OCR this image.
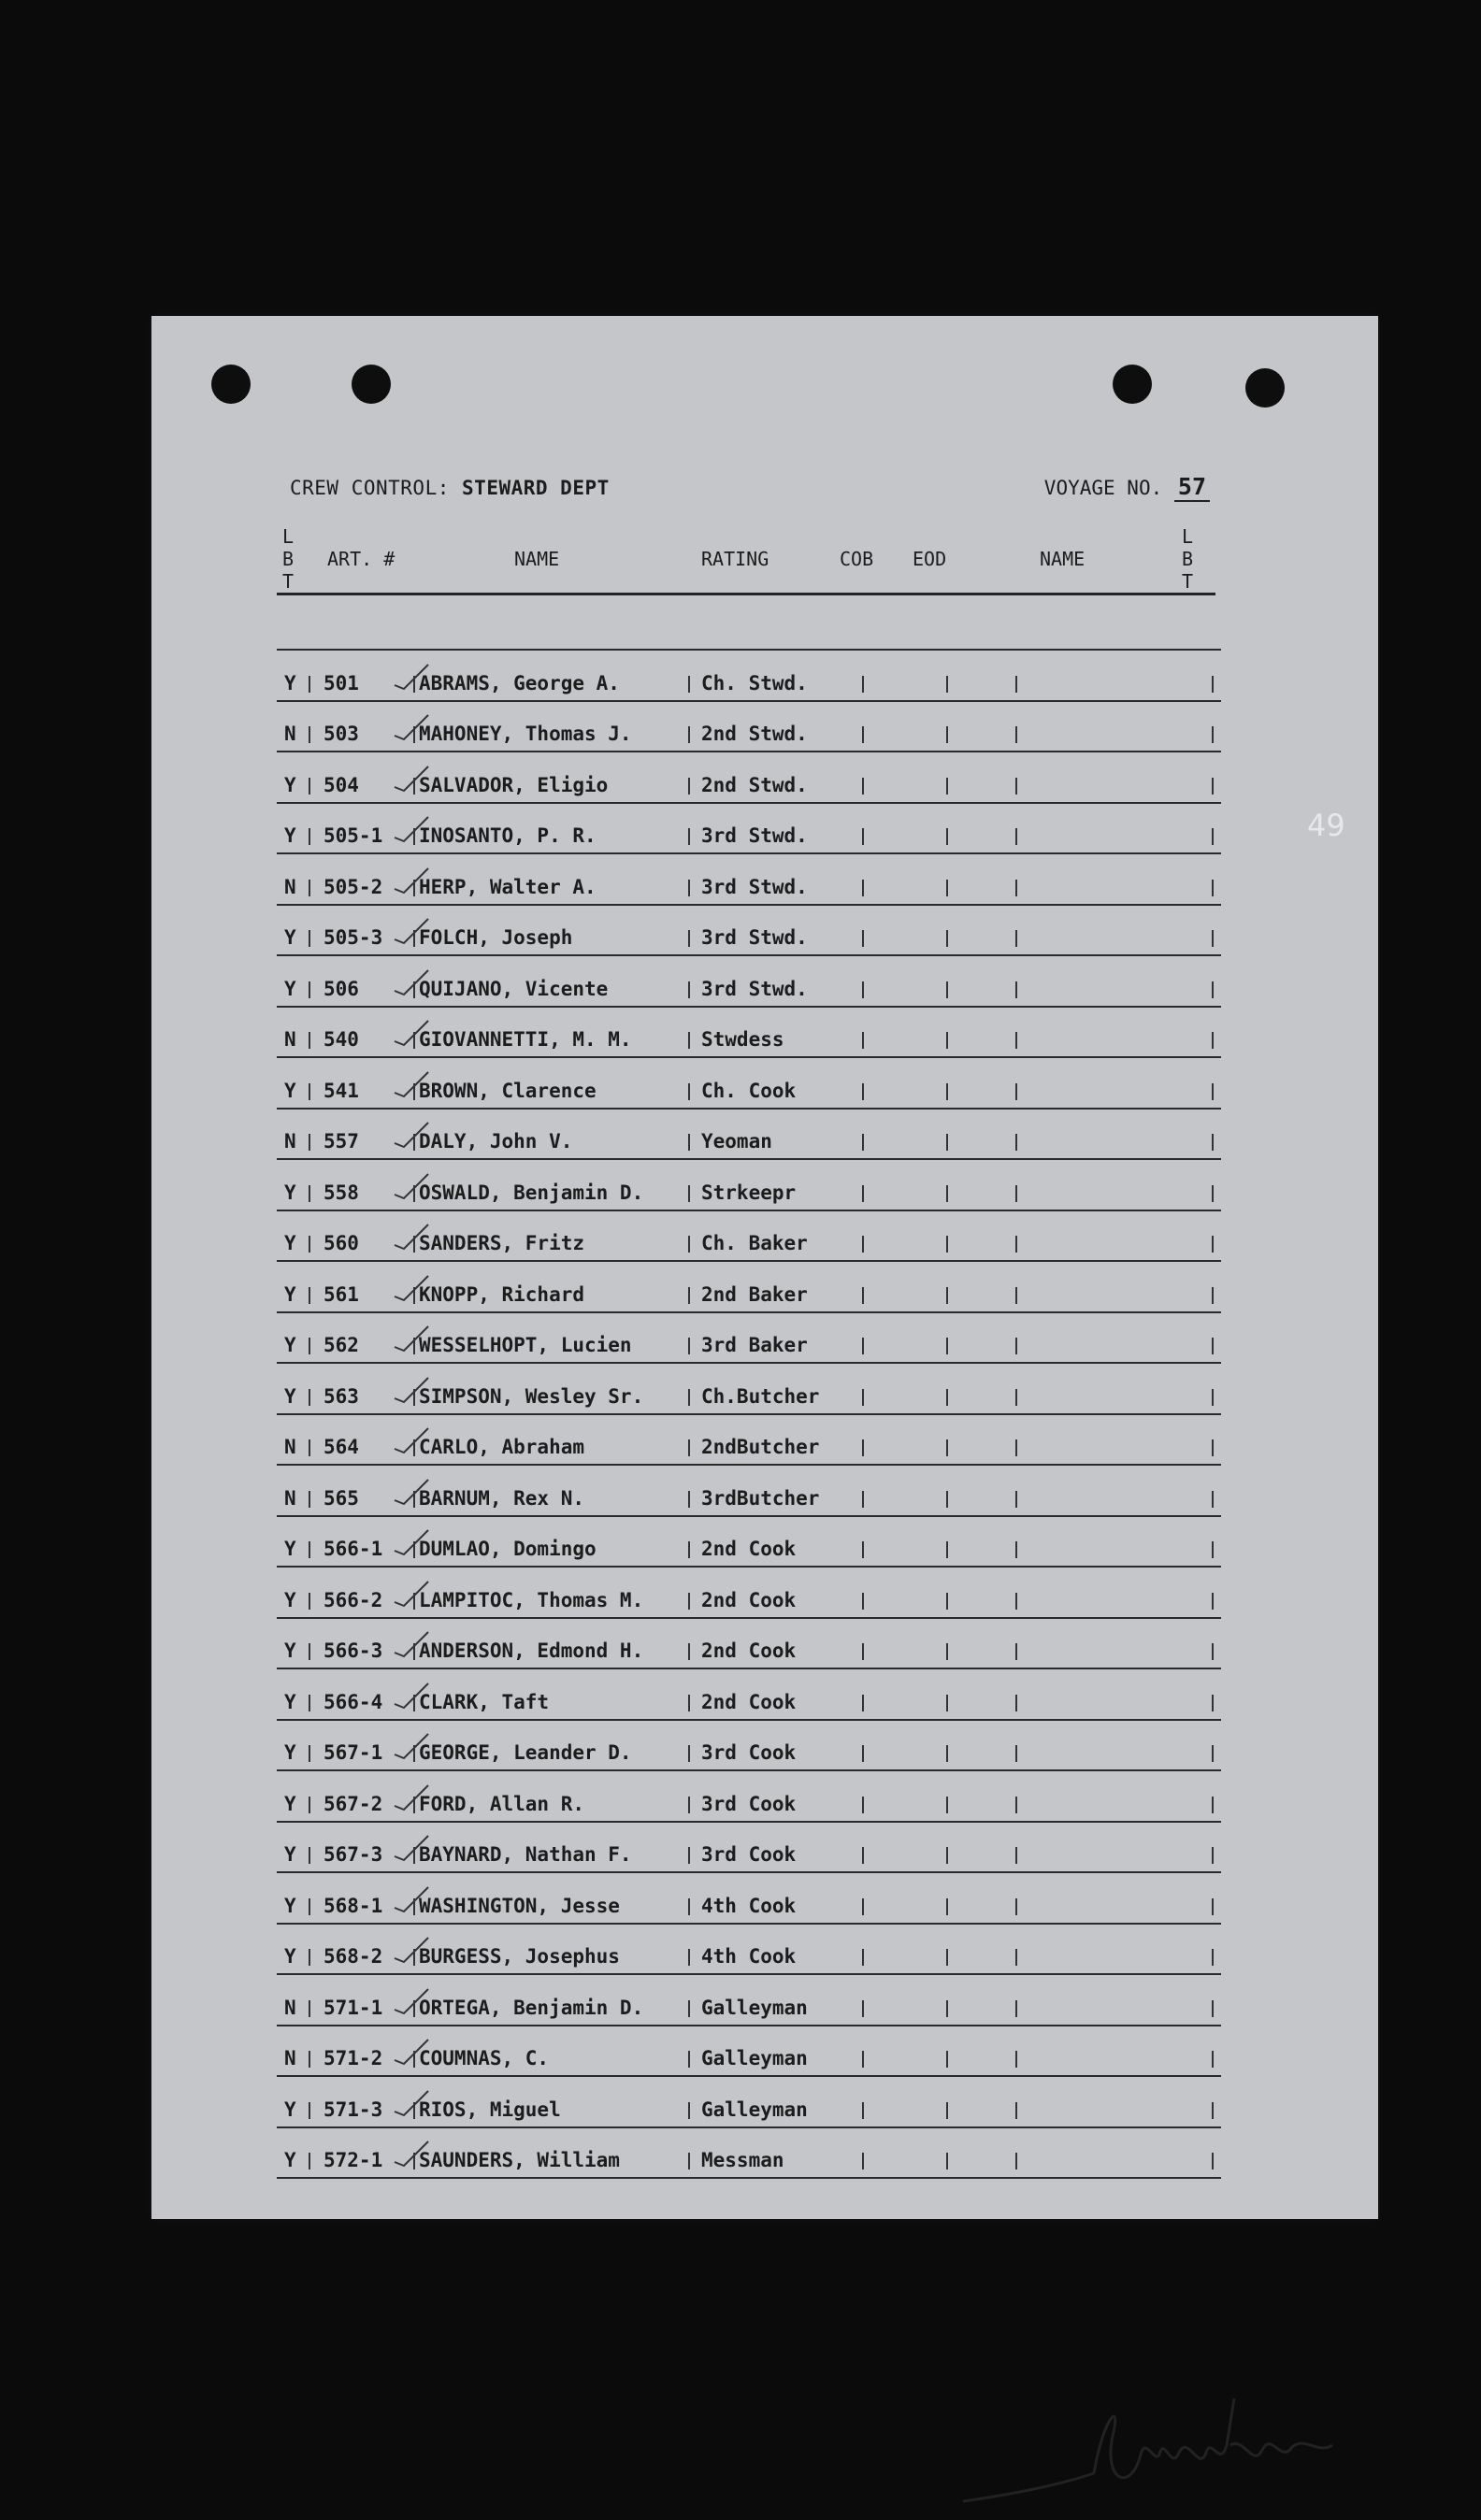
CREW CONTROL: STEWARD DEPT	VOYAGE NO. 57
L
B
T
ART. #	NAME	RATING	COB EOD	NAME
L
B
T
Y 501	ABRAMS, George A.	Ch. Stwd.
N 503	MAHONEY, Thomas J.	2nd Stwd.
Y 504	SALVADOR, Eligio	2nd Stwd.
Y 505-1 INOSANTO, P. R.	3rd Stwd.
N 505-2 HERP, Walter A.	3rd Stwd.
Y 505-3 FOLCH, Joseph	3rd Stwd.
Y 506	QUIJANO, Vicente	3rd Stwd.
N 540	GIOVANNETTI, M. M.	Stwdess
Y 541	BROWN, Clarence	Ch. Cook
N 557	DALY, John V.	Yeoman
Y 558	OSWALD, Benjamin D.	Strkeepr
Y 560	SANDERS, Fritz	Ch. Baker
Y 561	KNOPP, Richard	2nd Baker
Y 562	WESSELHOPT, Lucien	3rd Baker
Y 563	SIMPSON, Wesley Sr.	Ch.Butcher
N 564	CARLO, Abraham	2ndButcher
N 565	BARNUM, Rex N.	3rdButcher
Y 566-1 DUMLAO, Domingo	2nd Cook
Y 566-2 LAMPITOC, Thomas M.	2nd Cook
Y 566-3 ANDERSON, Edmond H.	2nd Cook
Y 566-4 CLARK, Taft	2nd Cook
Y 567-1 GEORGE, Leander D.	3rd Cook
Y 567-2 FORD, Allan R.	3rd Cook
Y 567-3 BAYNARD, Nathan F.	3rd Cook
Y 568-1 WASHINGTON, Jesse	4th Cook
Y 568-2 BURGESS, Josephus	4th Cook
N 571-1 ORTEGA, Benjamin D.	Galleyman
N 571-2 COUMNAS, C.	Galleyman
Y 571-3 RIOS, Miguel	Galleyman
Y 572-1 SAUNDERS, William	Messman
49
